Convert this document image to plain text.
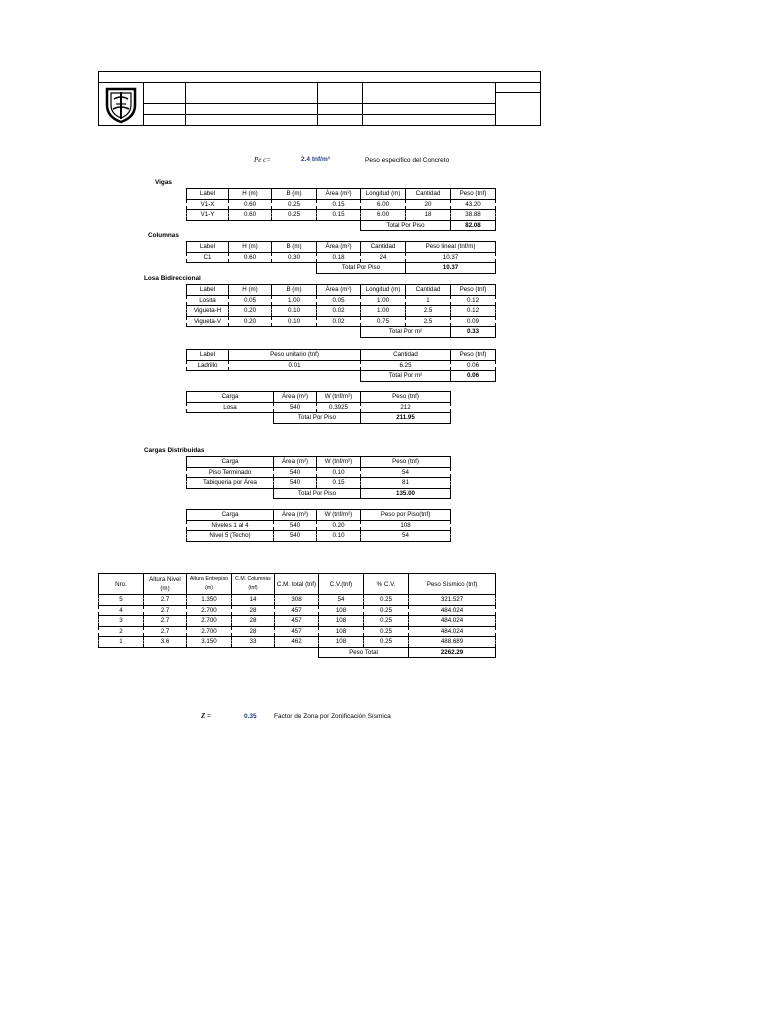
Pe c=	2.4 tnf/m³	Peso especifico del Concreto
Vigas
Label	H (m)	B (m)	Área (m²)	Longitud (m)	Cantidad	Peso (tnf)
V1-X	0.60	0.25	0.15	6.00	20	43.20
V1-Y	0.60	0.25	0.15	6.00	18	38.88
				Total Por Piso		82.08
Columnas
Label	H (m)	B (m)	Área (m²)	Cantidad	Peso lineal (tnf/m)
C1	0.60	0.30	0.18	24	10.37
			Total Por Piso		10.37
Losa Bidireccional
Label	H (m)	B (m)	Área (m²)	Longitud (m)	Cantidad	Peso (tnf)
Losita	0.05	1.00	0.05	1.00	1	0.12
Vigueta-H	0.20	0.10	0.02	1.00	2.5	0.12
Vigueta-V	0.20	0.10	0.02	0.75	2.5	0.09
				Total Por m²		0.33
Label	Peso unitario (tnf)	Cantidad	Peso (tnf)
Ladrillo	0.01	6.25	0.06
		Total Por m²	0.06
Carga	Área (m²)	W (tnf/m²)	Peso (tnf)
Losa	540	0.3925	212
	Total Por Piso		211.95
Cargas Distribuidas
Carga	Área (m²)	W (tnf/m²)	Peso (tnf)
Piso Terminado	540	0.10	54
Tabiqueria por Área	540	0.15	81
	Total Por Piso		135.00
Carga	Área (m²)	W (tnf/m²)	Peso por Piso(tnf)
Niveles 1 al 4	540	0.20	108
Nivel 5 (Techo)	540	0.10	54
Nro.	Altura Nivel (m)	Altura Entrepiso (m)	C.M. Columnas (tnf)	C.M. total (tnf)	C.V.(tnf)	% C.V.	Peso Sísmico (tnf)
5	2.7	1.350	14	308	54	0.25	321.527
4	2.7	2.700	28	457	108	0.25	484.024
3	2.7	2.700	28	457	108	0.25	484.024
2	2.7	2.700	28	457	108	0.25	484.024
1	3.6	3.150	33	462	108	0.25	488.689
					Peso Total		2262.29
Z =	0.35	Factor de Zona por Zonificación Sísmica
